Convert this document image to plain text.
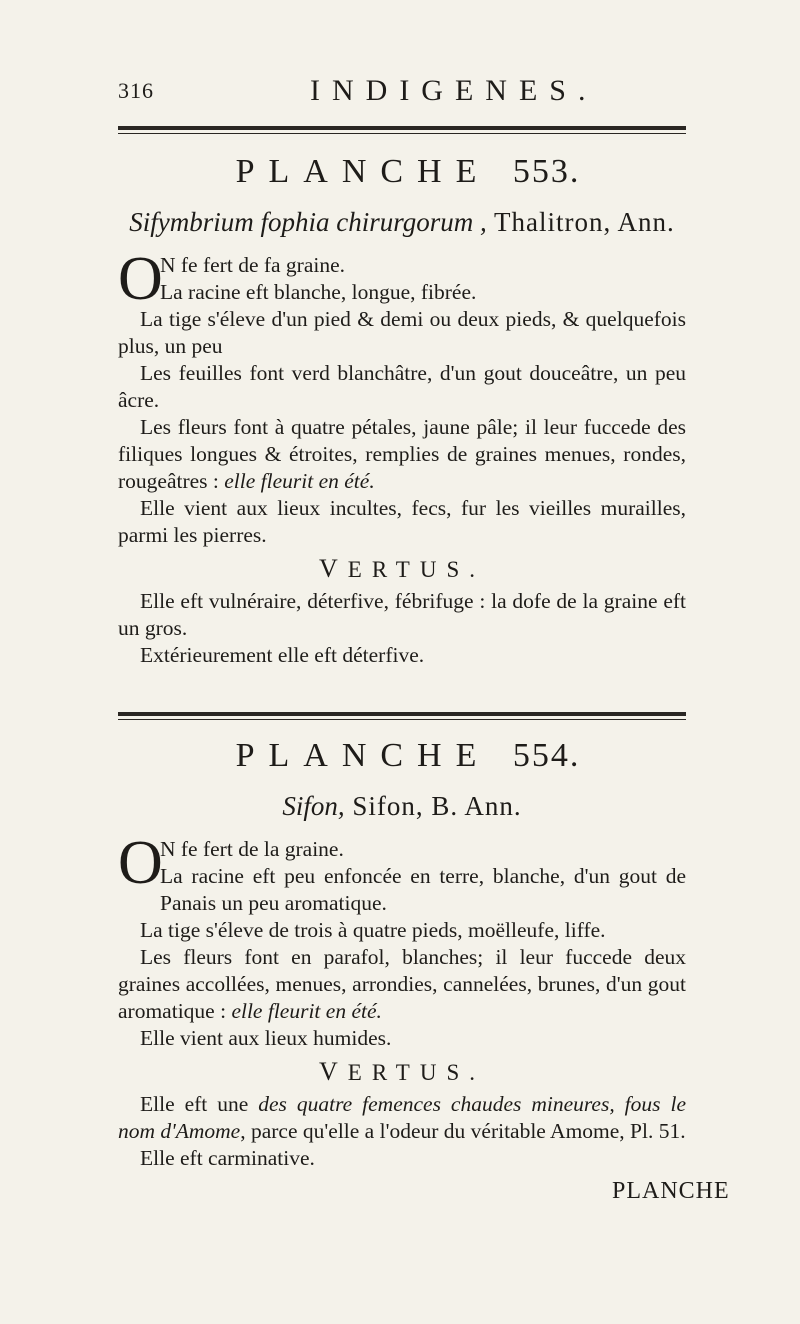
316	INDIGENES.
PLANCHE 553.
Sifymbrium fophia chirurgorum , Thalitron, Ann.
O

N fe fert de fa graine.

La racine eft blanche, longue, fibrée.

La tige s'éleve d'un pied & demi ou deux pieds, & quelquefois plus, un peu

Les feuilles font verd blanchâtre, d'un gout douceâtre, un peu âcre.

Les fleurs font à quatre pétales, jaune pâle; il leur fuccede des filiques longues & étroites, remplies de graines menues, rondes, rougeâtres : elle fleurit en été.

Elle vient aux lieux incultes, fecs, fur les vieilles murailles, parmi les pierres.

VERTUS.

Elle eft vulnéraire, déterfive, fébrifuge : la dofe de la graine eft un gros.

Extérieurement elle eft déterfive.

PLANCHE 554.
Sifon, Sifon, B. Ann.
O

N fe fert de la graine.

La racine eft peu enfoncée en terre, blanche, d'un gout de Panais un peu aromatique.

La tige s'éleve de trois à quatre pieds, moëlleufe, liffe.

Les fleurs font en parafol, blanches; il leur fuccede deux graines accollées, menues, arrondies, cannelées, brunes, d'un gout aromatique : elle fleurit en été.

Elle vient aux lieux humides.

VERTUS.

Elle eft une des quatre femences chaudes mineures, fous le nom d'Amome, parce qu'elle a l'odeur du véritable Amome, Pl. 51.

Elle eft carminative.

PLANCHE
